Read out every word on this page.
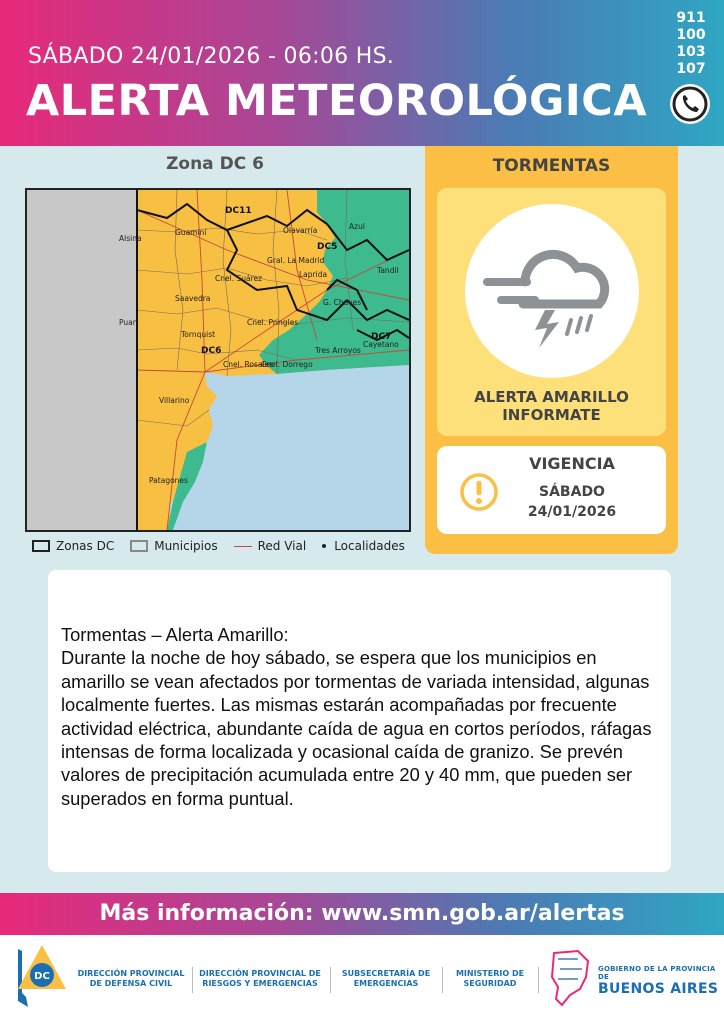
SÁBADO 24/01/2026 - 06:06 HS.
ALERTA METEOROLÓGICA
911
100
103
107
Zona DC 6
DC11
DC5
DC6
DC7
Alsina
Guaminí	Olavarría	Azul
Gral. La Madrid
Laprida	Tandil
Cnel. Suárez
Saavedra
Cnel. Pringles
G. Chaves
Puan
Tornquist
Cnel. Rosales
Cnel. Dorrego
Tres Arroyos
Cayetano
Villarino
Patagones
Zonas DC	Municipios	Red Vial Localidades
TORMENTAS
ALERTA AMARILLO
INFORMATE
VIGENCIA
SÁBADO
24/01/2026
Tormentas – Alerta Amarillo:
Durante la noche de hoy sábado, se espera que los municipios en amarillo se vean afectados por tormentas de variada intensidad, algunas localmente fuertes. Las mismas estarán acompañadas por frecuente actividad eléctrica, abundante caída de agua en cortos períodos, ráfagas intensas de forma localizada y ocasional caída de granizo. Se prevén valores de precipitación acumulada entre 20 y 40 mm, que pueden ser superados en forma puntual.
Más información: www.smn.gob.ar/alertas
DC	DIRECCIÓN PROVINCIAL
DE DEFENSA CIVIL
DIRECCIÓN PROVINCIAL DE
RIESGOS Y EMERGENCIAS
SUBSECRETARÍA DE
EMERGENCIAS
MINISTERIO DE
SEGURIDAD
GOBIERNO DE LA PROVINCIA DE
BUENOS AIRES
